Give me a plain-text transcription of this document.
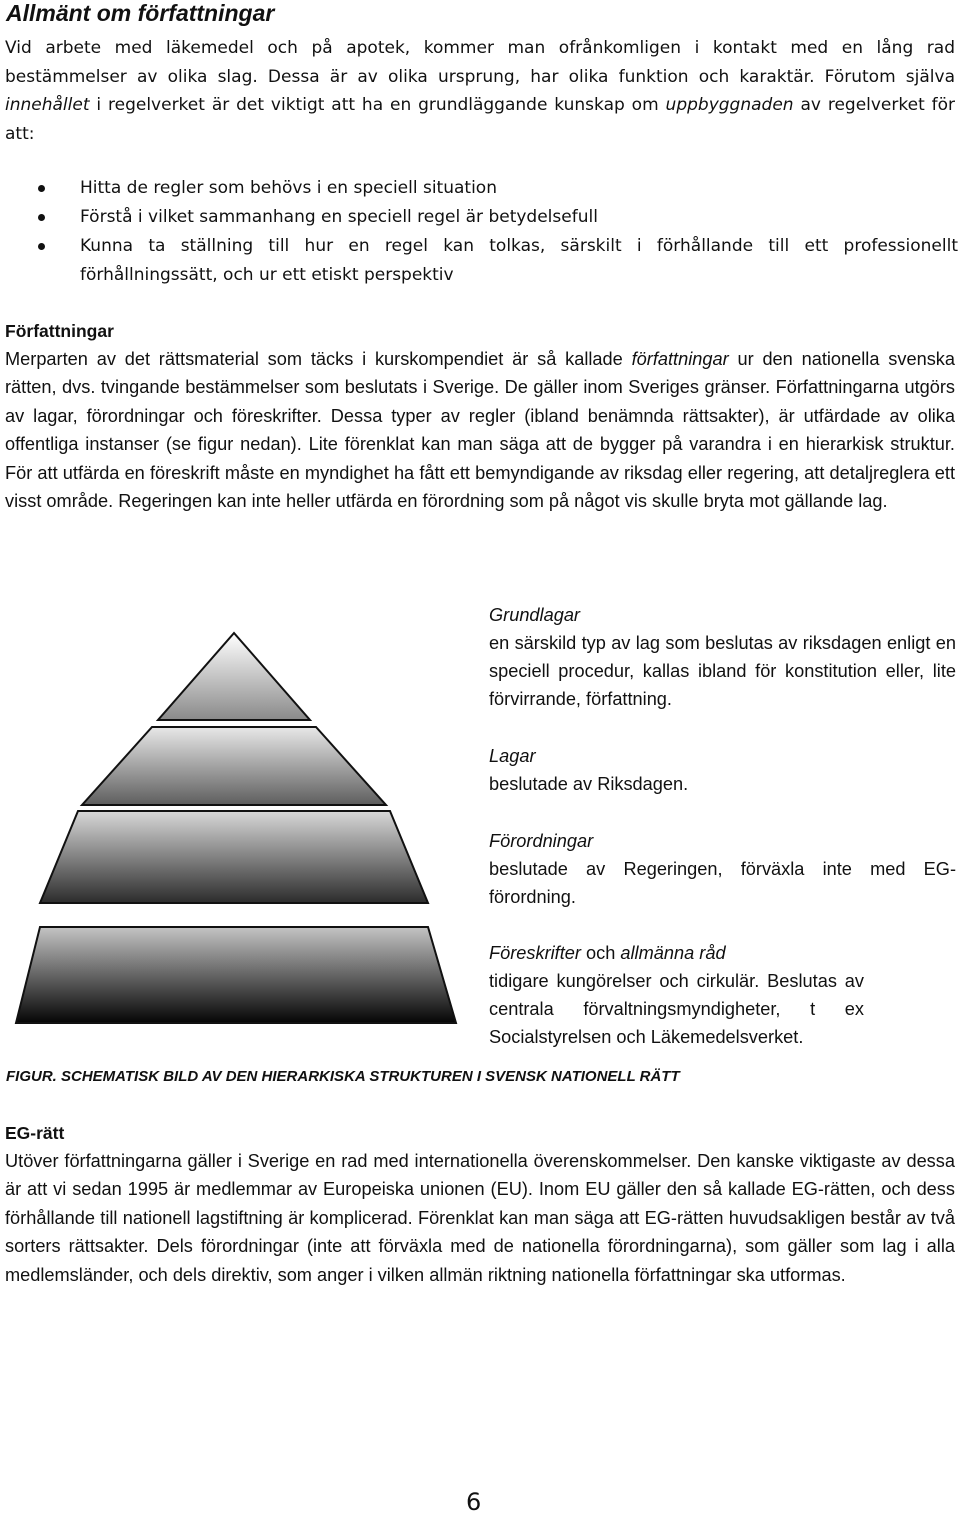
Allmänt om författningar

Vid arbete med läkemedel och på apotek, kommer man ofrånkomligen i kontakt med en lång rad bestämmelser av olika slag. Dessa är av olika ursprung, har olika funktion och karaktär. Förutom själva innehållet i regelverket är det viktigt att ha en grundläggande kunskap om uppbyggnaden av regelverket för att:

Hitta de regler som behövs i en speciell situation
Förstå i vilket sammanhang en speciell regel är betydelsefull
Kunna ta ställning till hur en regel kan tolkas, särskilt i förhållande till ett professionellt förhållningssätt, och ur ett etiskt perspektiv
Författningar

Merparten av det rättsmaterial som täcks i kurskompendiet är så kallade författningar ur den nationella svenska rätten, dvs. tvingande bestämmelser som beslutats i Sverige. De gäller inom Sveriges gränser. Författningarna utgörs av lagar, förordningar och föreskrifter. Dessa typer av regler (ibland benämnda rättsakter), är utfärdade av olika offentliga instanser (se figur nedan). Lite förenklat kan man säga att de bygger på varandra i en hierarkisk struktur. För att utfärda en föreskrift måste en myndighet ha fått ett bemyndigande av riksdag eller regering, att detaljreglera ett visst område. Regeringen kan inte heller utfärda en förordning som på något vis skulle bryta mot gällande lag.

Grundlagar
en särskild typ av lag som beslutas av riksdagen enligt en speciell procedur, kallas ibland för konstitution eller, lite förvirrande, författning.
Lagar
beslutade av Riksdagen.
Förordningar
beslutade av Regeringen, förväxla inte med EG-förordning.
Föreskrifter och allmänna råd
tidigare kungörelser och cirkulär. Beslutas av centrala förvaltningsmyndigheter, t ex Socialstyrelsen och Läkemedelsverket.

FIGUR. SCHEMATISK BILD AV DEN HIERARKISKA STRUKTUREN I SVENSK NATIONELL RÄTT

EG-rätt

Utöver författningarna gäller i Sverige en rad med internationella överenskommelser. Den kanske viktigaste av dessa är att vi sedan 1995 är medlemmar av Europeiska unionen (EU). Inom EU gäller den så kallade EG-rätten, och dess förhållande till nationell lagstiftning är komplicerad. Förenklat kan man säga att EG-rätten huvudsakligen består av två sorters rättsakter. Dels förordningar (inte att förväxla med de nationella förordningarna), som gäller som lag i alla medlemsländer, och dels direktiv, som anger i vilken allmän riktning nationella författningar ska utformas.

6
